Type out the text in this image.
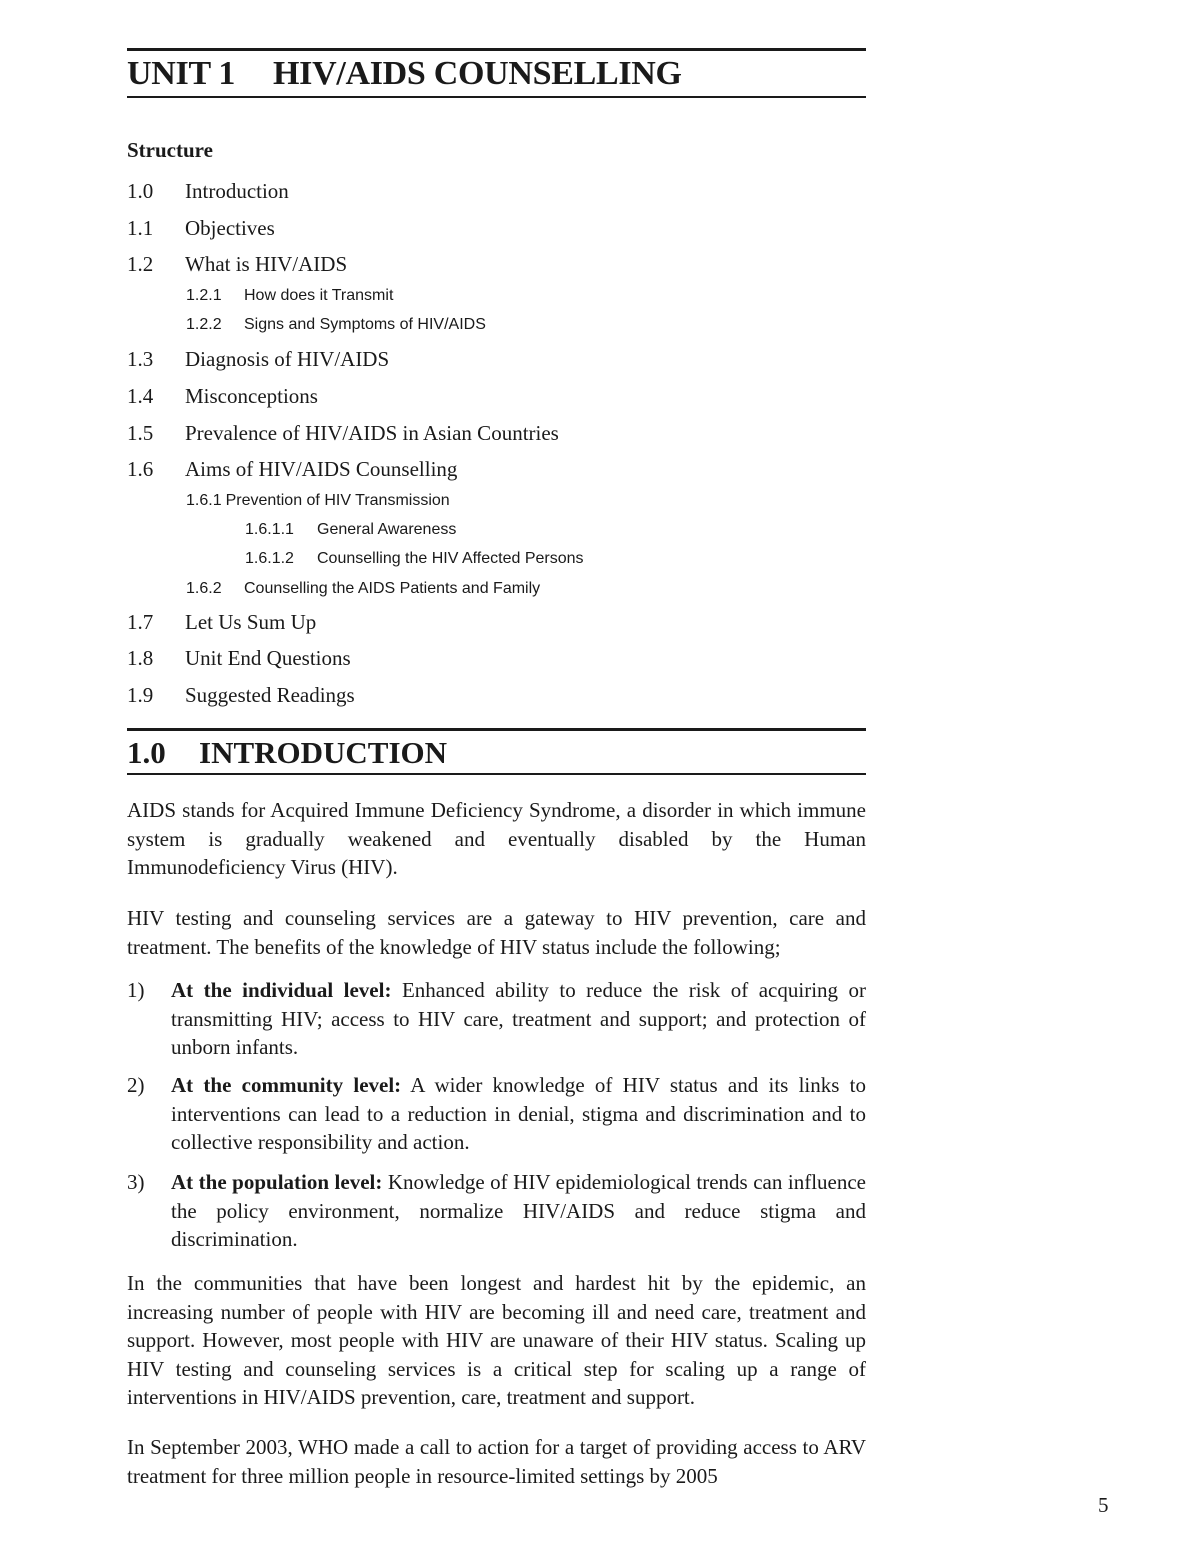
UNIT 1 HIV/AIDS COUNSELLING
Structure
1.0 Introduction
1.1 Objectives
1.2 What is HIV/AIDS
1.2.1 How does it Transmit
1.2.2 Signs and Symptoms of HIV/AIDS
1.3 Diagnosis of HIV/AIDS
1.4 Misconceptions
1.5 Prevalence of HIV/AIDS in Asian Countries
1.6 Aims of HIV/AIDS Counselling
1.6.1 Prevention of HIV Transmission
1.6.1.1 General Awareness
1.6.1.2 Counselling the HIV Affected Persons
1.6.2 Counselling the AIDS Patients and Family
1.7 Let Us Sum Up
1.8 Unit End Questions
1.9 Suggested Readings
1.0 INTRODUCTION

AIDS stands for Acquired Immune Deficiency Syndrome, a disorder in which immune system is gradually weakened and eventually disabled by the Human Immunodeficiency Virus (HIV).

HIV testing and counseling services are a gateway to HIV prevention, care and treatment. The benefits of the knowledge of HIV status include the following;

1) At the individual level: Enhanced ability to reduce the risk of acquiring or transmitting HIV; access to HIV care, treatment and support; and protection of unborn infants.
2) At the community level: A wider knowledge of HIV status and its links to interventions can lead to a reduction in denial, stigma and discrimination and to collective responsibility and action.
3) At the population level: Knowledge of HIV epidemiological trends can influence the policy environment, normalize HIV/AIDS and reduce stigma and discrimination.

In the communities that have been longest and hardest hit by the epidemic, an increasing number of people with HIV are becoming ill and need care, treatment and support. However, most people with HIV are unaware of their HIV status. Scaling up HIV testing and counseling services is a critical step for scaling up a range of interventions in HIV/AIDS prevention, care, treatment and support.

In September 2003, WHO made a call to action for a target of providing access to ARV treatment for three million people in resource-limited settings by 2005

5
